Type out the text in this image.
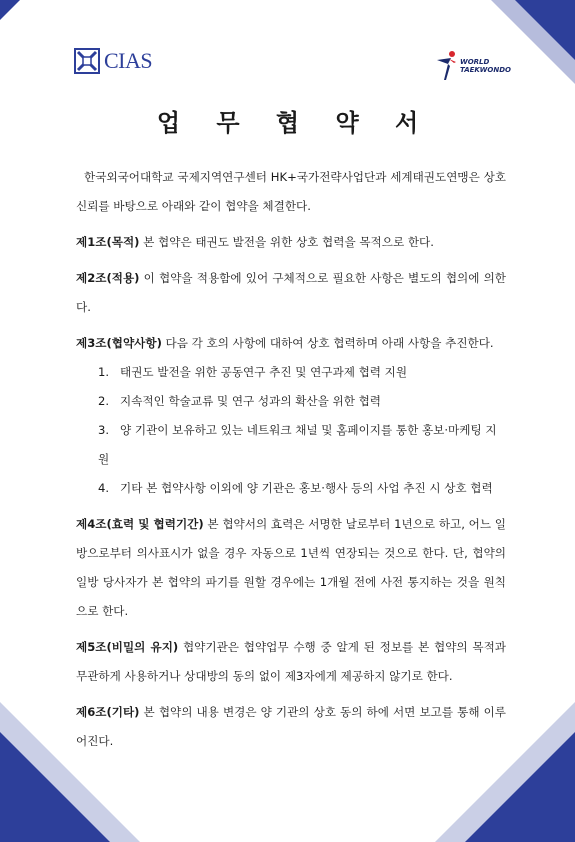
CIAS	WORLD
TAEKWONDO
업 무 협 약 서

한국외국어대학교 국제지역연구센터 HK+국가전략사업단과 세계태권도연맹은 상호 신뢰를 바탕으로 아래와 같이 협약을 체결한다.

제1조(목적) 본 협약은 태권도 발전을 위한 상호 협력을 목적으로 한다.

제2조(적용) 이 협약을 적용함에 있어 구체적으로 필요한 사항은 별도의 협의에 의한다.

제3조(협약사항) 다음 각 호의 사항에 대하여 상호 협력하며 아래 사항을 추진한다.

1. 태권도 발전을 위한 공동연구 추진 및 연구과제 협력 지원
2. 지속적인 학술교류 및 연구 성과의 확산을 위한 협력
3. 양 기관이 보유하고 있는 네트워크 채널 및 홈페이지를 통한 홍보·마케팅 지원
4. 기타 본 협약사항 이외에 양 기관은 홍보·행사 등의 사업 추진 시 상호 협력

제4조(효력 및 협력기간) 본 협약서의 효력은 서명한 날로부터 1년으로 하고, 어느 일방으로부터 의사표시가 없을 경우 자동으로 1년씩 연장되는 것으로 한다. 단, 협약의 일방 당사자가 본 협약의 파기를 원할 경우에는 1개월 전에 사전 통지하는 것을 원칙으로 한다.

제5조(비밀의 유지) 협약기관은 협약업무 수행 중 알게 된 정보를 본 협약의 목적과 무관하게 사용하거나 상대방의 동의 없이 제3자에게 제공하지 않기로 한다.

제6조(기타) 본 협약의 내용 변경은 양 기관의 상호 동의 하에 서면 보고를 통해 이루어진다.
